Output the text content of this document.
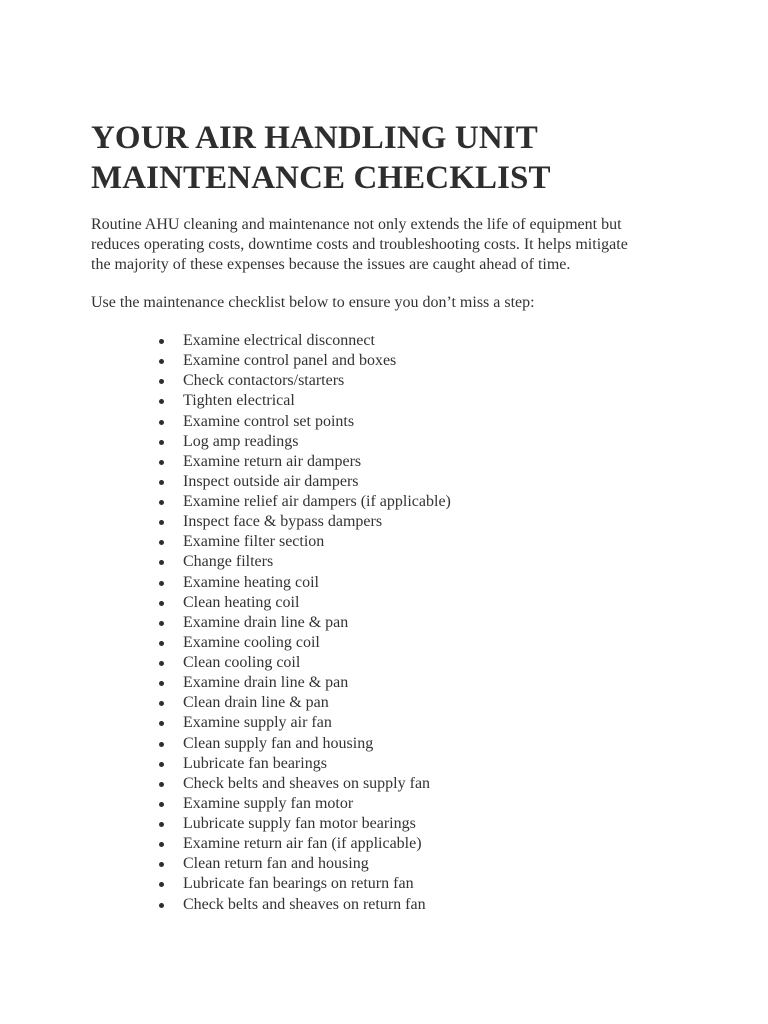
YOUR AIR HANDLING UNIT
MAINTENANCE CHECKLIST

Routine AHU cleaning and maintenance not only extends the life of equipment but
reduces operating costs, downtime costs and troubleshooting costs. It helps mitigate
the majority of these expenses because the issues are caught ahead of time.

Use the maintenance checklist below to ensure you don’t miss a step:

Examine electrical disconnect
Examine control panel and boxes
Check contactors/starters
Tighten electrical
Examine control set points
Log amp readings
Examine return air dampers
Inspect outside air dampers
Examine relief air dampers (if applicable)
Inspect face & bypass dampers
Examine filter section
Change filters
Examine heating coil
Clean heating coil
Examine drain line & pan
Examine cooling coil
Clean cooling coil
Examine drain line & pan
Clean drain line & pan
Examine supply air fan
Clean supply fan and housing
Lubricate fan bearings
Check belts and sheaves on supply fan
Examine supply fan motor
Lubricate supply fan motor bearings
Examine return air fan (if applicable)
Clean return fan and housing
Lubricate fan bearings on return fan
Check belts and sheaves on return fan
